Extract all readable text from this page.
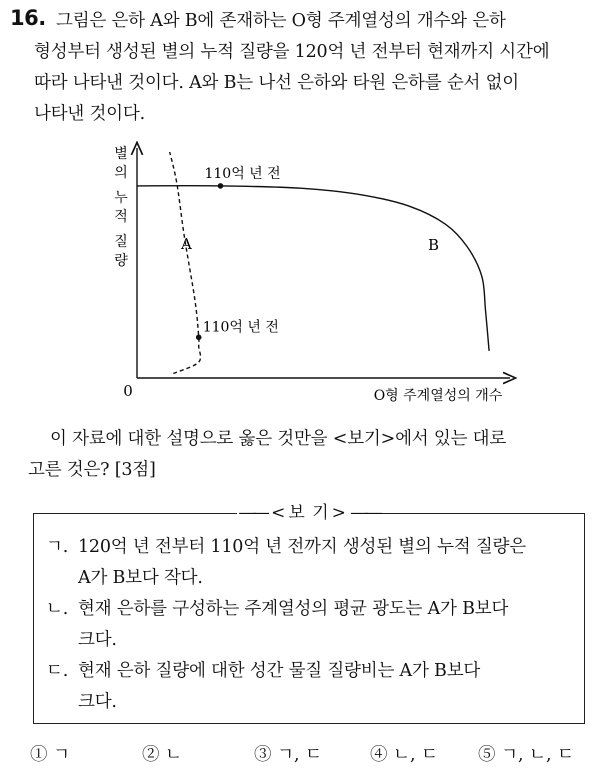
16. 그림은 은하 A와 B에 존재하는 O형 주계열성의 개수와 은하
형성부터 생성된 별의 누적 질량을 120억 년 전부터 현재까지 시간에
따라 나타낸 것이다. A와 B는 나선 은하와 타원 은하를 순서 없이
나타낸 것이다.

별
의
누
적
질
량
0	O형 주계열성의 개수
110억 년 전
110억 년 전
A	B
이 자료에 대한 설명으로 옳은 것만을 <보기>에서 있는 대로
고른 것은? [3점]
―― < 보 기 > ――
ㄱ. 120억 년 전부터 110억 년 전까지 생성된 별의 누적 질량은
A가 B보다 작다.
ㄴ. 현재 은하를 구성하는 주계열성의 평균 광도는 A가 B보다
크다.
ㄷ. 현재 은하 질량에 대한 성간 물질 질량비는 A가 B보다
크다.
① ㄱ	② ㄴ	③ ㄱ, ㄷ	④ ㄴ, ㄷ ⑤ ㄱ, ㄴ, ㄷ
